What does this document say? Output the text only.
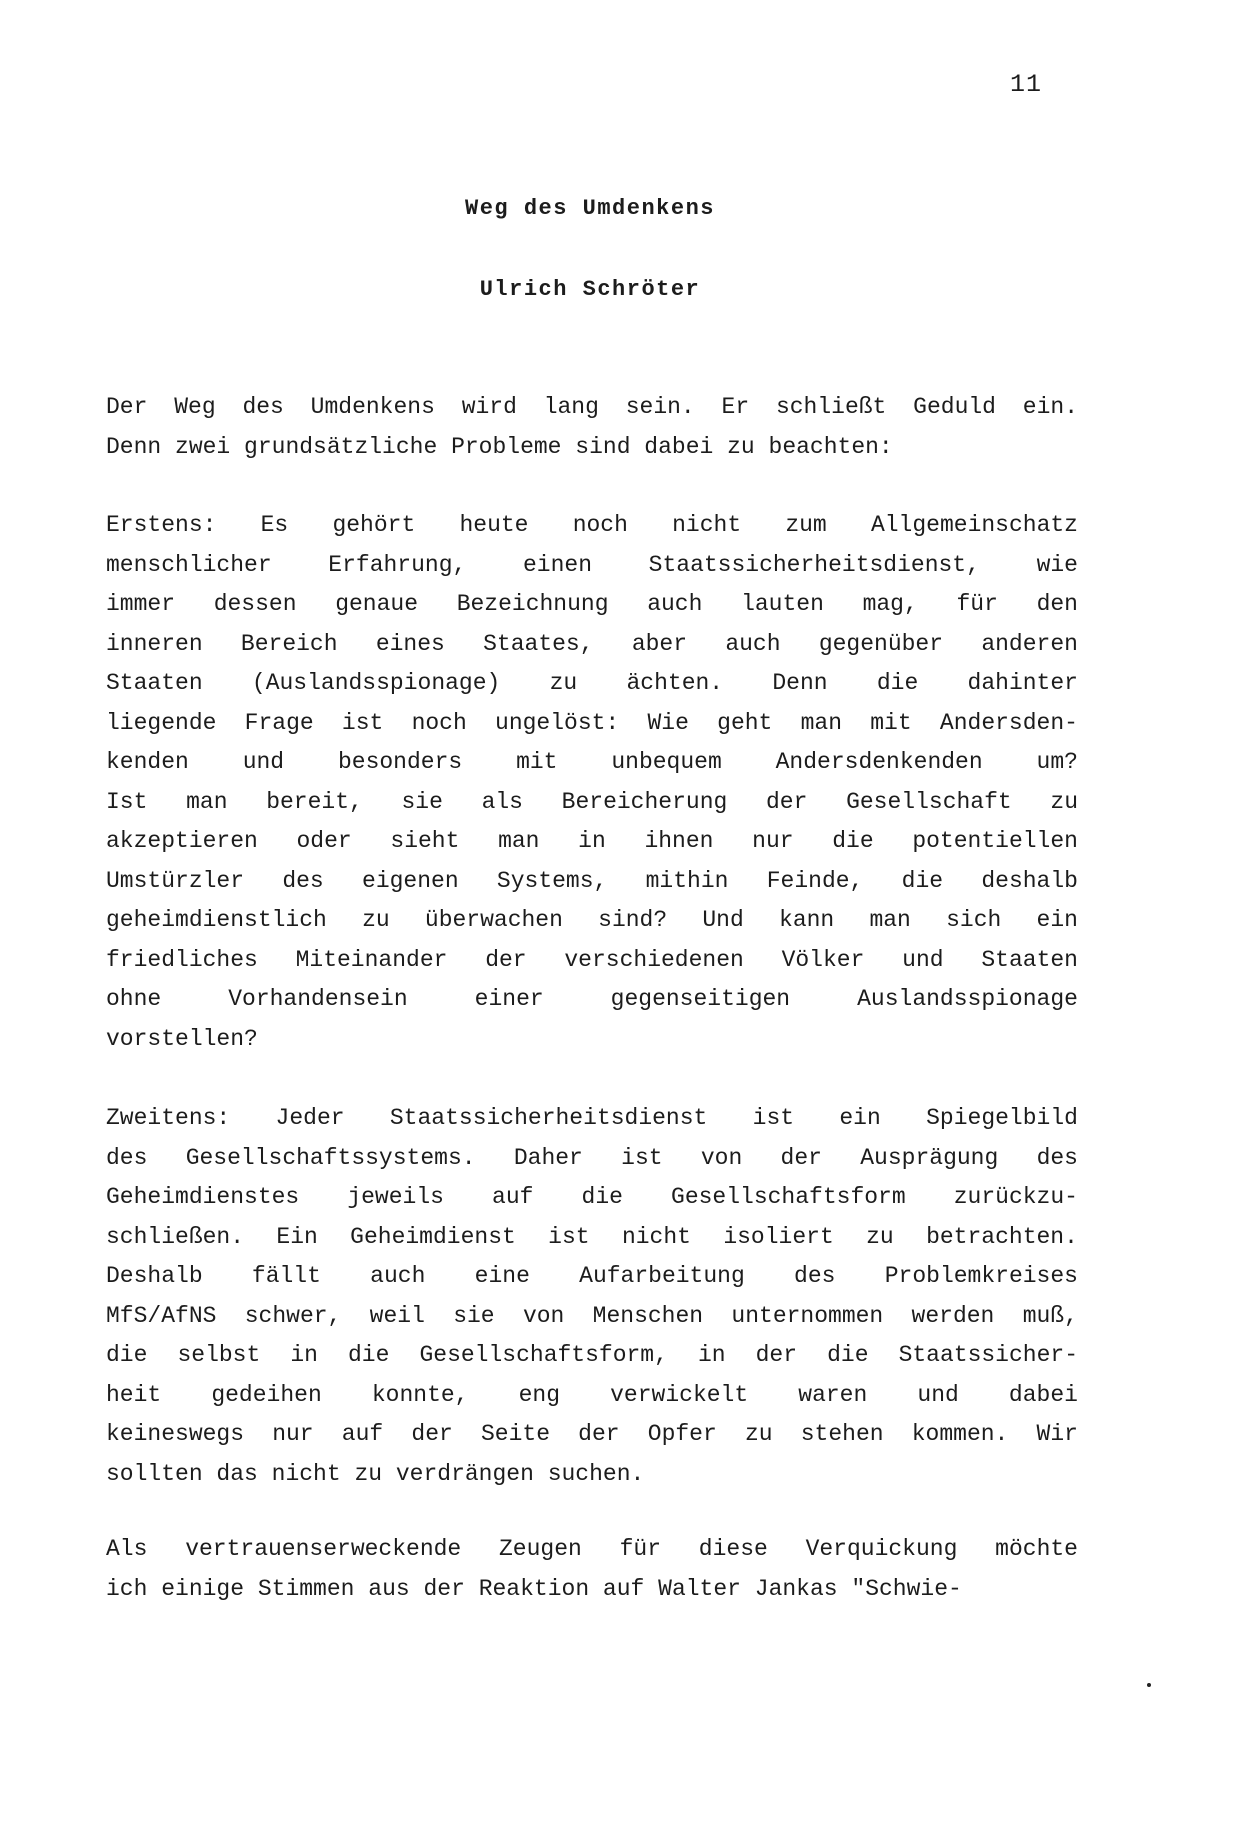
11
Weg des Umdenkens
Ulrich Schröter
Der Weg des Umdenkens wird lang sein. Er schließt Geduld ein.
Denn zwei grundsätzliche Probleme sind dabei zu beachten:
Erstens: Es gehört heute noch nicht zum Allgemeinschatz
menschlicher Erfahrung, einen Staatssicherheitsdienst, wie
immer dessen genaue Bezeichnung auch lauten mag, für den
inneren Bereich eines Staates, aber auch gegenüber anderen
Staaten (Auslandsspionage) zu ächten. Denn die dahinter
liegende Frage ist noch ungelöst: Wie geht man mit Andersden-
kenden und besonders mit unbequem Andersdenkenden um?
Ist man bereit, sie als Bereicherung der Gesellschaft zu
akzeptieren oder sieht man in ihnen nur die potentiellen
Umstürzler des eigenen Systems, mithin Feinde, die deshalb
geheimdienstlich zu überwachen sind? Und kann man sich ein
friedliches Miteinander der verschiedenen Völker und Staaten
ohne	Vorhandensein	einer	gegenseitigen	Auslandsspionage
vorstellen?
Zweitens: Jeder Staatssicherheitsdienst ist ein Spiegelbild
des Gesellschaftssystems. Daher ist von der Ausprägung des
Geheimdienstes jeweils auf die Gesellschaftsform zurückzu-
schließen. Ein Geheimdienst ist nicht isoliert zu betrachten.
Deshalb fällt auch eine Aufarbeitung des Problemkreises
MfS/AfNS schwer, weil sie von Menschen unternommen werden muß,
die selbst in die Gesellschaftsform, in der die Staatssicher-
heit gedeihen konnte, eng verwickelt waren und dabei
keineswegs nur auf der Seite der Opfer zu stehen kommen. Wir
sollten das nicht zu verdrängen suchen.
Als vertrauenserweckende Zeugen für diese Verquickung möchte
ich einige Stimmen aus der Reaktion auf Walter Jankas "Schwie-
